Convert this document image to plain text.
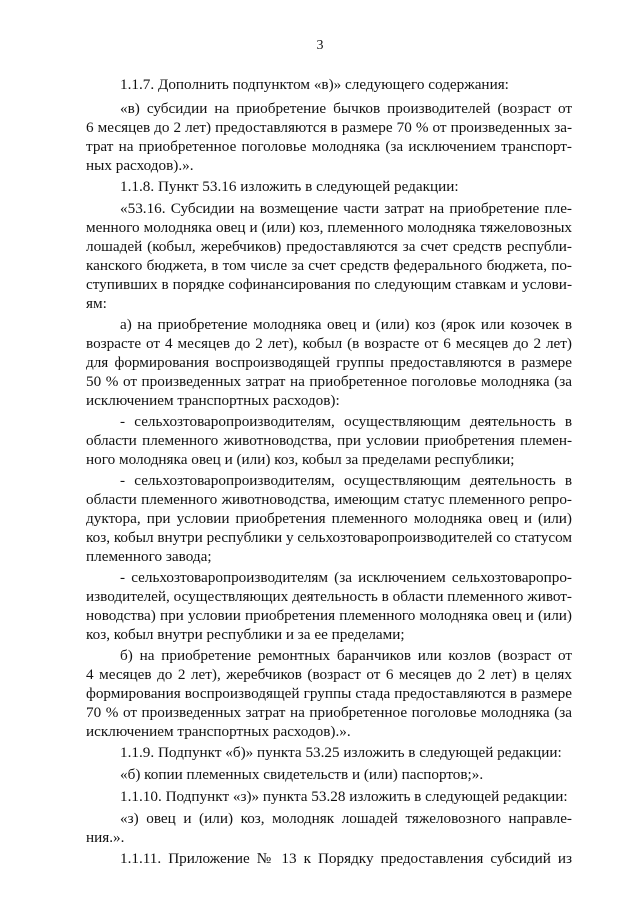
3
1.1.7. Дополнить подпунктом «в)» следующего содержания:
«в) субсидии на приобретение бычков производителей (возраст от
6 месяцев до 2 лет) предоставляются в размере 70 % от произведенных за-
трат на приобретенное поголовье молодняка (за исключением транспорт-
ных расходов).».
1.1.8. Пункт 53.16 изложить в следующей редакции:
«53.16. Субсидии на возмещение части затрат на приобретение пле-
менного молодняка овец и (или) коз, племенного молодняка тяжеловозных
лошадей (кобыл, жеребчиков) предоставляются за счет средств республи-
канского бюджета, в том числе за счет средств федерального бюджета, по-
ступивших в порядке софинансирования по следующим ставкам и услови-
ям:
а) на приобретение молодняка овец и (или) коз (ярок или козочек в
возрасте от 4 месяцев до 2 лет), кобыл (в возрасте от 6 месяцев до 2 лет)
для формирования воспроизводящей группы предоставляются в размере
50 % от произведенных затрат на приобретенное поголовье молодняка (за
исключением транспортных расходов):
- сельхозтоваропроизводителям, осуществляющим деятельность в
области племенного животноводства, при условии приобретения племен-
ного молодняка овец и (или) коз, кобыл за пределами республики;
- сельхозтоваропроизводителям, осуществляющим деятельность в
области племенного животноводства, имеющим статус племенного репро-
дуктора, при условии приобретения племенного молодняка овец и (или)
коз, кобыл внутри республики у сельхозтоваропроизводителей со статусом
племенного завода;
- сельхозтоваропроизводителям (за исключением сельхозтоваропро-
изводителей, осуществляющих деятельность в области племенного живот-
новодства) при условии приобретения племенного молодняка овец и (или)
коз, кобыл внутри республики и за ее пределами;
б) на приобретение ремонтных баранчиков или козлов (возраст от
4 месяцев до 2 лет), жеребчиков (возраст от 6 месяцев до 2 лет) в целях
формирования воспроизводящей группы стада предоставляются в размере
70 % от произведенных затрат на приобретенное поголовье молодняка (за
исключением транспортных расходов).».
1.1.9. Подпункт «б)» пункта 53.25 изложить в следующей редакции:
«б) копии племенных свидетельств и (или) паспортов;».
1.1.10. Подпункт «з)» пункта 53.28 изложить в следующей редакции:
«з) овец и (или) коз, молодняк лошадей тяжеловозного направле-
ния.».
1.1.11. Приложение № 13 к Порядку предоставления субсидий из
